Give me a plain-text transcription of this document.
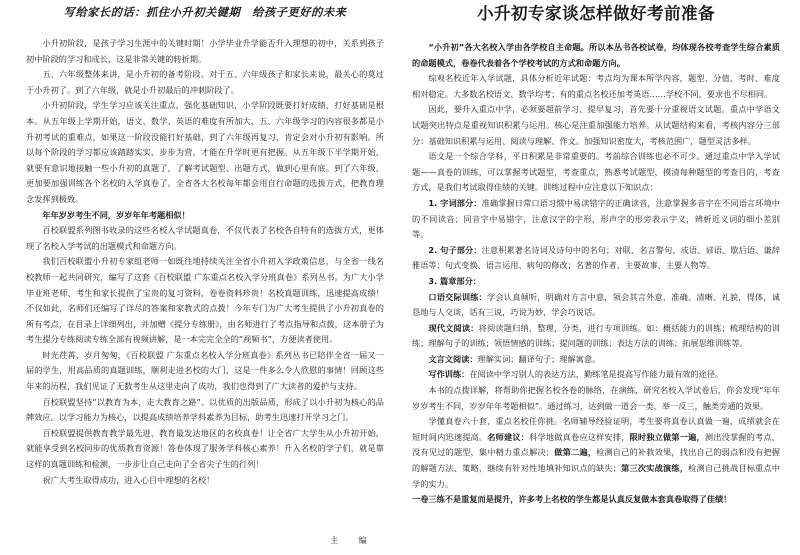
写给家长的话：抓住小升初关键期　给孩子更好的未来

小升初阶段，是孩子学习生涯中的关键时期！小学毕业升学能否升入理想的初中，关系到孩子初中阶段的学习和成长，这是非常关键的转折期。

五、六年级整体来讲，是小升初的备考阶段。对于五、六年级孩子和家长来说，最关心的莫过于小升初了。到了六年级，就是小升初最后的冲刺阶段了。

小升初阶段，学生学习应该关注重点，强化基础知识，小学阶段既要打好成绩，打好基础是根本。从五年级上学期开始，语文、数学、英语的难度有所加大，五、六年级学习的内容很多都是小升初考试的重难点，如果这一阶段没能打好基础，到了六年级再复习，肯定会对小升初有影响。所以每个阶段的学习都应该踏踏实实，步步为营，才能在升学时更有把握。从五年级下半学期开始，就要有意识地接触一些小升初的真题了，了解考试题型、出题方式，做到心里有底。到了六年级，更加要加强训练各个名校的入学真卷了。全省各大名校每年都会用自行命题的选拔方式，把教育理念发挥到极致。

年年岁岁考生不同，岁岁年年考题相似！

百校联盟系列图书收录的这些名校入学试题真卷，不仅代表了名校各自特有的选拔方式，更体现了名校入学考试的出题模式和命题方向。

我们百校联盟小升初专家组老师一如既往地持续关注全省小升初入学政策信息，与全省一线名校教师一起共同研究，编写了这套《百校联盟 广东重点名校入学分班真卷》系列丛书。为广大小学毕业班老师、考生和家长提供了宝贵的复习资料，卷卷资料珍贵！名校真题训练，迅速提高成绩！不仅如此，名师们还编写了详尽的答案和家教式的点拨！今年专门为广大考生提供了小升初真卷的所有考点，在目录上详细列出，并加赠《提分专练册》，由名师进行了考点指导和点拨，这本册子为考生提分专练阅读专练全部有视频讲解，是一本完完全全的“视频书”，方便读者使用。

时光荏苒，岁月匆匆，《百校联盟 广东重点名校入学分班真卷》系列丛书已陪伴全省一届又一届的学生，用高品质的真题训练，顺利走进名校的大门，这是一件多么令人欣慰的事情！回顾这些年来的历程，我们见证了无数考生从这里走向了成功，我们也得到了广大读者的爱护与支持。

百校联盟坚持“以教育为本，走大教育之路”。以优质的出版品质，形成了以小升初为核心的品牌效应。以学习能力为核心，以提高成绩培养学科素养为目标，助考生迅速打开学习之门。

百校联盟提供教育教学最先进、教育最发达地区的名校真卷！让全省广大学生从小升初开始，就能享受到名校同步的优质教育资源！答卷体现了服务学科核心素养！升入名校的学子们，就是靠这样的真题训练和检测，一步步让自己走向了全省尖子生的行列！

祝广大考生取得成功，进入心目中理想的名校！

主　编
小升初专家谈怎样做好考前准备

“小升初”各大名校入学由各学校自主命题。所以本丛书各校试卷，均体现各校考查学生综合素质的命题模式，卷卷代表着各个学校考试的方式和命题方向。

综观名校近年入学试题，具体分析近年试题：考点均为课本所学内容，题型、分值、考时、难度相对稳定。大多数名校语文、数学均考；有的重点名校还加考英语……学校不同，要求也不尽相同。

因此，要升入重点中学，必须要超前学习、提早复习，首先要十分重视语文试题。重点中学语文试题突出特点是重视知识积累与运用。核心是注重加强能力培养。从试题结构来看，考核内容分三部分：基础知识积累与运用、阅读与理解、作文。加强知识密度大，考核范围广，题型灵活多样。

语文是一个综合学科，平日积累是非常重要的。考前综合训练也必不可少。通过重点中学入学试题——真卷的训练，可以掌握考试题型，考查重点，熟悉考试题型，摸清每种题型的考查目的，考查方式，是我们考试取得佳绩的关键。训练过程中应注意以下知识点：

1. 字词部分：准确掌握日常口语习惯中易读错字的正确读音，注意掌握多音字在不同语言环境中的不同读音；同音字中易错字，注意汉字的字形，形声字的形旁表示字义，辨析近义词的细小差别等。

2. 句子部分：注意积累著名诗词及诗句中的名句；对联、名言警句、成语、谚语、歇后语、谦辞雅语等；句式变换、语言运用、病句的修改；名著的作者、主要故事、主要人物等。

3. 篇章部分：

口语交际训练：学会认真倾听，明确对方言中意，领会其言外意，准确、清晰、礼貌，得体，诚恳地与人交谈，话有三说，巧说为妙，学会巧说话。

现代文阅读：将阅读题归纳，整理，分类，进行专项训练。如：概括能力的训练；梳理结构的训练；理解句子的训练；领悟情感的训练；提问题的训练；表达方法的训练；拓展思维训练等。

文言文阅读：理解实词；翻译句子；理解寓意。

写作训练：在阅读中学习别人的表达方法，勤练笔是提高写作能力最有效的途径。

本书的点拨详解，将帮助你把握名校各卷的脉络，在演练，研究名校入学试卷后，你会发现“年年岁岁考生不同，岁岁年年考题相似”。通过练习，达到做一道会一类，举一反三，触类旁通的效果。

学懂真卷六十套，重点名校任你挑。名师辅导经验证明，考生要将真卷认真做一遍，成绩就会在短时间内迅速提高。名师建议：科学地做真卷应这样安排，限时独立做第一遍，测出没掌握的考点，没有见过的题型，集中精力重点解决；做第二遍，检测自己的补救效果，找出自己的弱点和没有把握的解题方法、策略，继续有针对性地填补知识点的缺失；第三次实战演练，检测自己挑战目标重点中学的实力。

一卷三练不是重复而是提升，许多考上名校的学生都是认真反复做本套真卷取得了佳绩！
